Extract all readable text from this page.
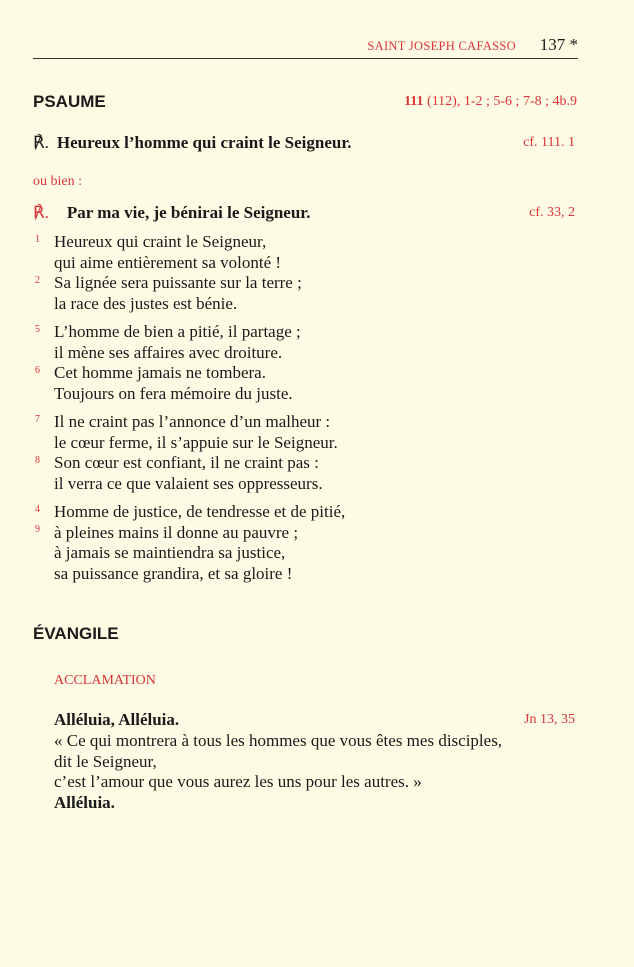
SAINT JOSEPH CAFASSO 137 *
PSAUME	111 (112), 1-2 ; 5-6 ; 7-8 ; 4b.9
℟. Heureux l’homme qui craint le Seigneur.	cf. 111. 1
ou bien :
℟. Par ma vie, je bénirai le Seigneur.	cf. 33, 2
1
2
Heureux qui craint le Seigneur,
qui aime entièrement sa volonté !
Sa lignée sera puissante sur la terre ;
la race des justes est bénie.
5
6
L’homme de bien a pitié, il partage ;
il mène ses affaires avec droiture.
Cet homme jamais ne tombera.
Toujours on fera mémoire du juste.
7
8
Il ne craint pas l’annonce d’un malheur :
le cœur ferme, il s’appuie sur le Seigneur.
Son cœur est confiant, il ne craint pas :
il verra ce que valaient ses oppresseurs.
4
9
Homme de justice, de tendresse et de pitié,
à pleines mains il donne au pauvre ;
à jamais se maintiendra sa justice,
sa puissance grandira, et sa gloire !
ÉVANGILE
ACCLAMATION
Alléluia, Alléluia.	Jn 13, 35
« Ce qui montrera à tous les hommes que vous êtes mes disciples,
dit le Seigneur,
c’est l’amour que vous aurez les uns pour les autres. »
Alléluia.
